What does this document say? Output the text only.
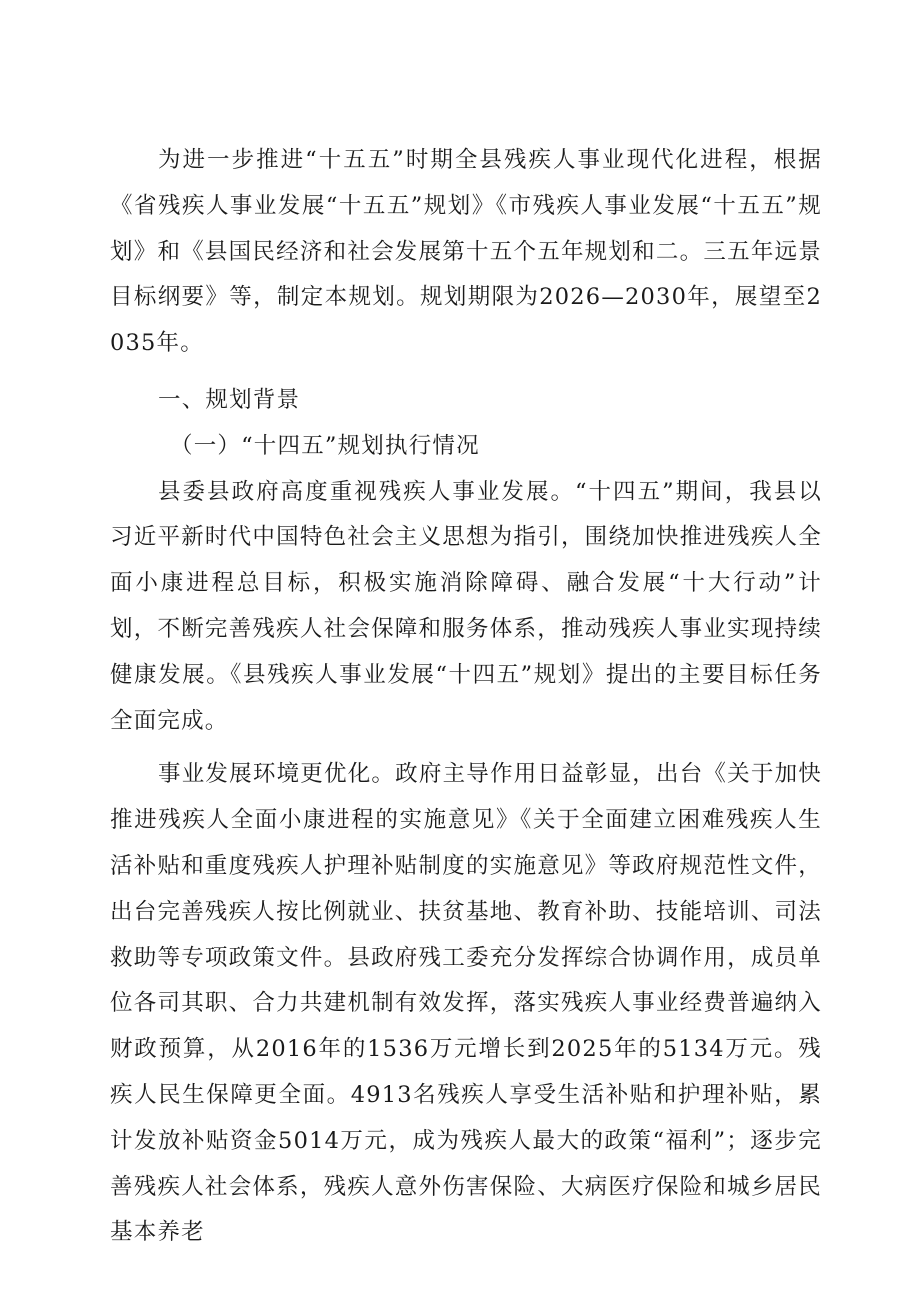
为进一步推进“十五五”时期全县残疾人事业现代化进程，根据《省残疾人事业发展“十五五”规划》《市残疾人事业发展“十五五”规划》和《县国民经济和社会发展第十五个五年规划和二。三五年远景目标纲要》等，制定本规划。规划期限为2026—2030年，展望至2035年。

一、规划背景

（一）“十四五”规划执行情况

县委县政府高度重视残疾人事业发展。“十四五”期间，我县以习近平新时代中国特色社会主义思想为指引，围绕加快推进残疾人全面小康进程总目标，积极实施消除障碍、融合发展“十大行动”计划，不断完善残疾人社会保障和服务体系，推动残疾人事业实现持续健康发展。《县残疾人事业发展“十四五”规划》提出的主要目标任务全面完成。

事业发展环境更优化。政府主导作用日益彰显，出台《关于加快推进残疾人全面小康进程的实施意见》《关于全面建立困难残疾人生活补贴和重度残疾人护理补贴制度的实施意见》等政府规范性文件，出台完善残疾人按比例就业、扶贫基地、教育补助、技能培训、司法救助等专项政策文件。县政府残工委充分发挥综合协调作用，成员单位各司其职、合力共建机制有效发挥，落实残疾人事业经费普遍纳入财政预算，从2016年的1536万元增长到2025年的5134万元。残疾人民生保障更全面。4913名残疾人享受生活补贴和护理补贴，累计发放补贴资金5014万元，成为残疾人最大的政策“福利”；逐步完善残疾人社会体系，残疾人意外伤害保险、大病医疗保险和城乡居民基本养老
